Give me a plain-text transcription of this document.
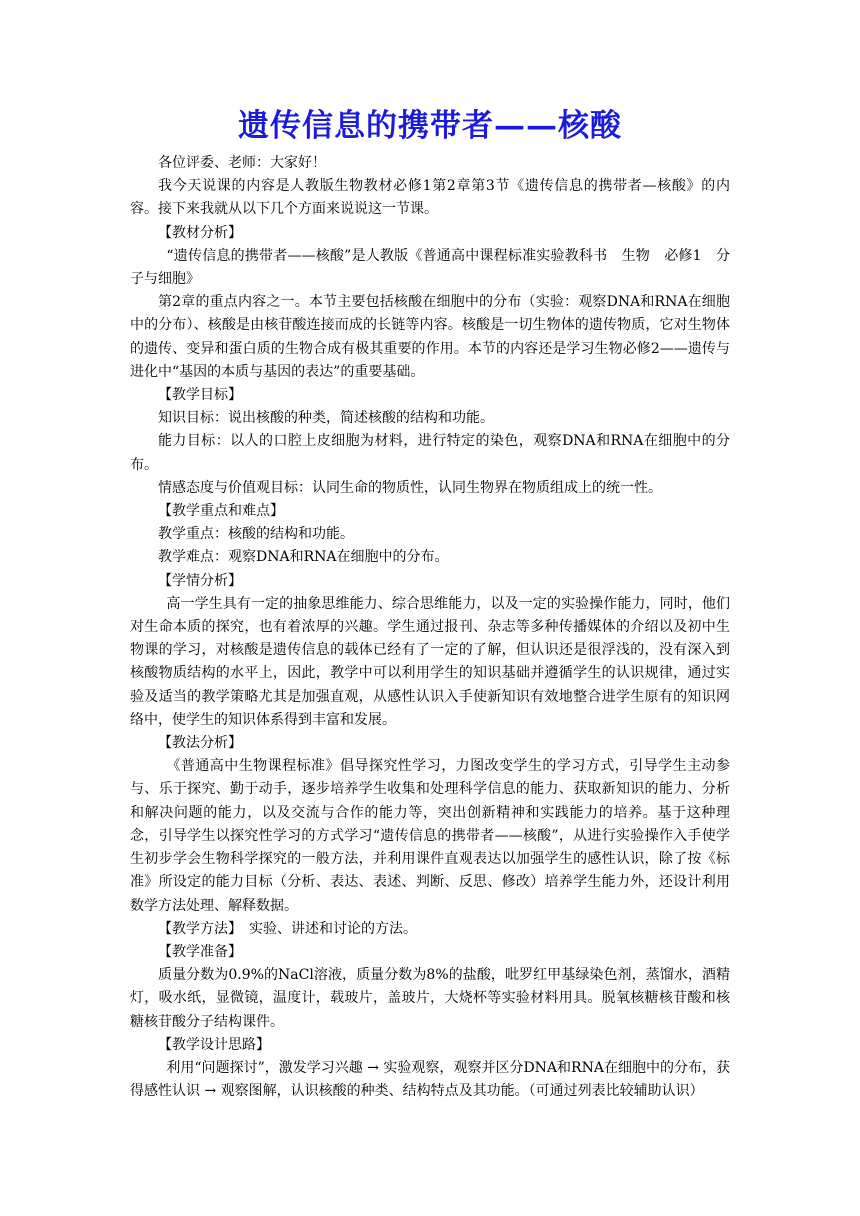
遗传信息的携带者——核酸

各位评委、老师：大家好！

我今天说课的内容是人教版生物教材必修1第2章第3节《遗传信息的携带者—核酸》的内容。接下来我就从以下几个方面来说说这一节课。

【教材分析】

“遗传信息的携带者——核酸”是人教版《普通高中课程标准实验教科书　生物　必修1　分子与细胞》

第2章的重点内容之一。本节主要包括核酸在细胞中的分布（实验：观察DNA和RNA在细胞中的分布）、核酸是由核苷酸连接而成的长链等内容。核酸是一切生物体的遗传物质，它对生物体的遗传、变异和蛋白质的生物合成有极其重要的作用。本节的内容还是学习生物必修2——遗传与进化中“基因的本质与基因的表达”的重要基础。

【教学目标】

知识目标：说出核酸的种类，简述核酸的结构和功能。

能力目标：以人的口腔上皮细胞为材料，进行特定的染色，观察DNA和RNA在细胞中的分布。

情感态度与价值观目标：认同生命的物质性，认同生物界在物质组成上的统一性。

【教学重点和难点】

教学重点：核酸的结构和功能。

教学难点：观察DNA和RNA在细胞中的分布。

【学情分析】

高一学生具有一定的抽象思维能力、综合思维能力，以及一定的实验操作能力，同时，他们对生命本质的探究，也有着浓厚的兴趣。学生通过报刊、杂志等多种传播媒体的介绍以及初中生物课的学习，对核酸是遗传信息的载体已经有了一定的了解，但认识还是很浮浅的，没有深入到核酸物质结构的水平上，因此，教学中可以利用学生的知识基础并遵循学生的认识规律，通过实验及适当的教学策略尤其是加强直观，从感性认识入手使新知识有效地整合进学生原有的知识网络中，使学生的知识体系得到丰富和发展。

【教法分析】

《普通高中生物课程标准》倡导探究性学习，力图改变学生的学习方式，引导学生主动参与、乐于探究、勤于动手，逐步培养学生收集和处理科学信息的能力、获取新知识的能力、分析和解决问题的能力，以及交流与合作的能力等，突出创新精神和实践能力的培养。基于这种理念，引导学生以探究性学习的方式学习“遗传信息的携带者——核酸”，从进行实验操作入手使学生初步学会生物科学探究的一般方法，并利用课件直观表达以加强学生的感性认识，除了按《标准》所设定的能力目标（分析、表达、表述、判断、反思、修改）培养学生能力外，还设计利用数学方法处理、解释数据。

【教学方法】　实验、讲述和讨论的方法。

【教学准备】

质量分数为0.9%的NaCl溶液，质量分数为8%的盐酸，吡罗红甲基绿染色剂，蒸馏水，酒精灯，吸水纸，显微镜，温度计，载玻片，盖玻片，大烧杯等实验材料用具。脱氧核糖核苷酸和核糖核苷酸分子结构课件。

【教学设计思路】

利用“问题探讨”，激发学习兴趣 → 实验观察，观察并区分DNA和RNA在细胞中的分布，获得感性认识 → 观察图解，认识核酸的种类、结构特点及其功能。（可通过列表比较辅助认识）
